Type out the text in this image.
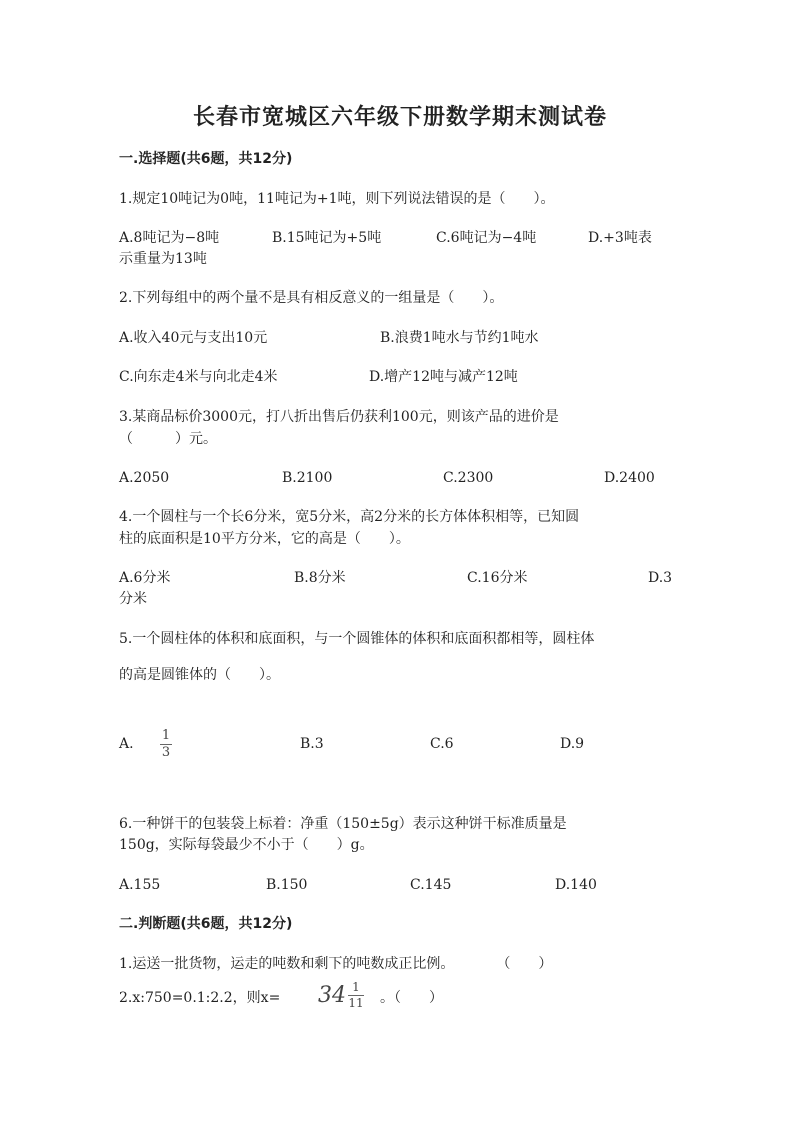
长春市宽城区六年级下册数学期末测试卷
一.选择题(共6题，共12分)
1.规定10吨记为0吨，11吨记为+1吨，则下列说法错误的是（　　）。
A.8吨记为−8吨	B.15吨记为+5吨	C.6吨记为−4吨	D.+3吨表
示重量为13吨
2.下列每组中的两个量不是具有相反意义的一组量是（　　）。
A.收入40元与支出10元	B.浪费1吨水与节约1吨水
C.向东走4米与向北走4米	D.增产12吨与减产12吨
3.某商品标价3000元，打八折出售后仍获利100元，则该产品的进价是
（　　　）元。
A.2050	B.2100	C.2300	D.2400
4.一个圆柱与一个长6分米，宽5分米，高2分米的长方体体积相等，已知圆
柱的底面积是10平方分米，它的高是（　　）。
A.6分米	B.8分米	C.16分米	D.3
分米
5.一个圆柱体的体积和底面积，与一个圆锥体的体积和底面积都相等，圆柱体
的高是圆锥体的（　　）。
A.
1
3
B.3	C.6	D.9
6.一种饼干的包装袋上标着：净重（150±5g）表示这种饼干标准质量是
150g，实际每袋最少不小于（　　）g。
A.155	B.150	C.145	D.140
二.判断题(共6题，共12分)
1.运送一批货物，运走的吨数和剩下的吨数成正比例。　　　　（　　）
2.x:750=0.1:2.2，则x= 34 1
11 。（　　）
